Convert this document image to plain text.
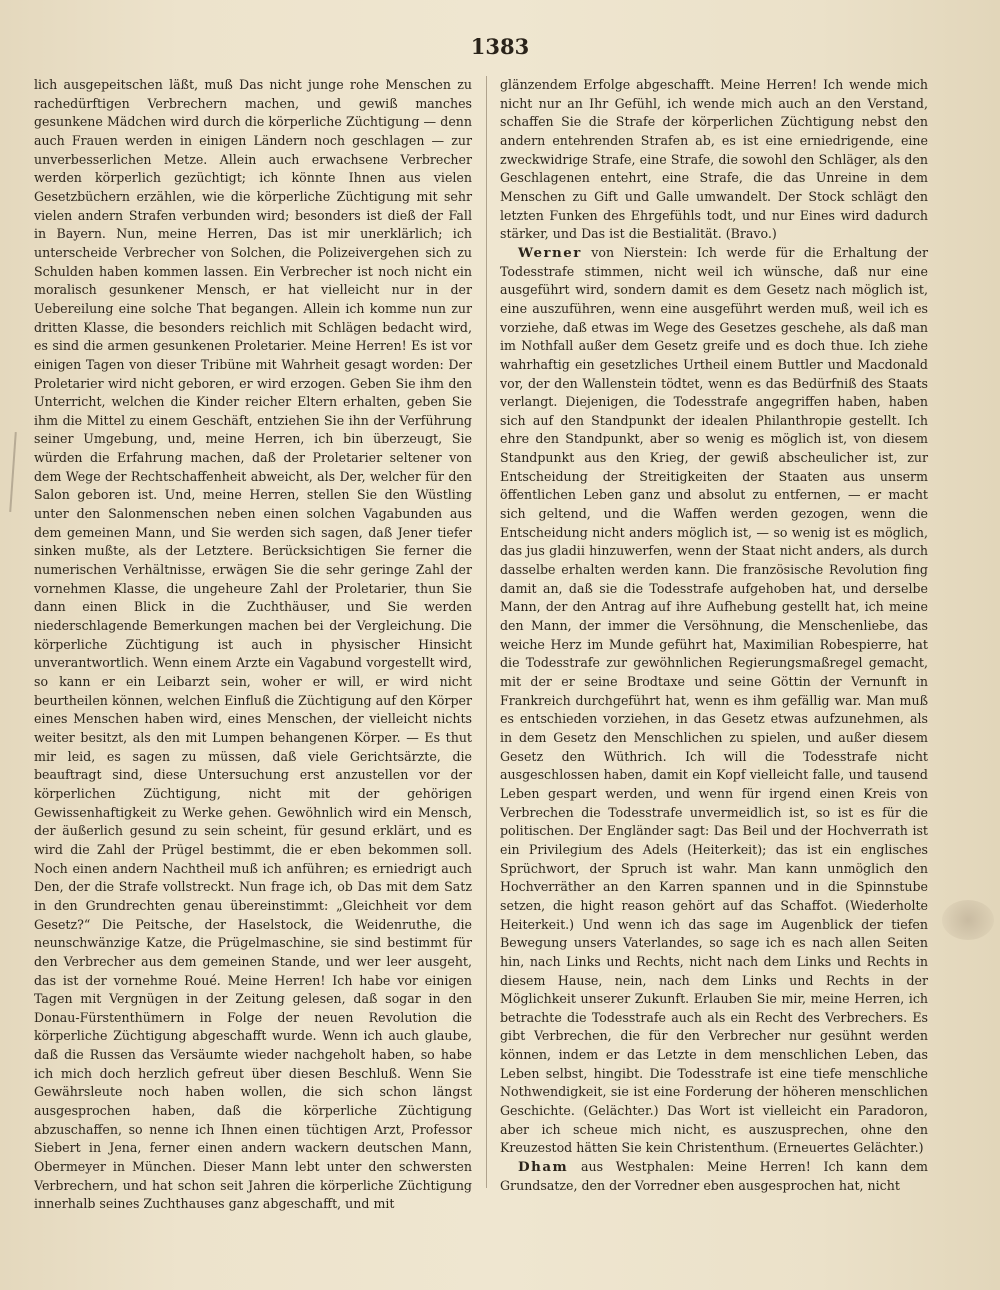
1383

lich ausgepeitschen läßt, muß Das nicht junge rohe Menschen zu rachedürftigen Verbrechern machen, und gewiß manches gesunkene Mädchen wird durch die körperliche Züchtigung — denn auch Frauen werden in einigen Ländern noch geschlagen — zur unverbesserlichen Metze. Allein auch erwachsene Verbrecher werden körperlich gezüchtigt; ich könnte Ihnen aus vielen Gesetzbüchern erzählen, wie die körperliche Züchtigung mit sehr vielen andern Strafen verbunden wird; besonders ist dieß der Fall in Bayern. Nun, meine Herren, Das ist mir unerklärlich; ich unterscheide Verbrecher von Solchen, die Polizeivergehen sich zu Schulden haben kommen lassen. Ein Verbrecher ist noch nicht ein moralisch gesunkener Mensch, er hat vielleicht nur in der Uebereilung eine solche That begangen. Allein ich komme nun zur dritten Klasse, die besonders reichlich mit Schlägen bedacht wird, es sind die armen gesunkenen Proletarier. Meine Herren! Es ist vor einigen Tagen von dieser Tribüne mit Wahrheit gesagt worden: Der Proletarier wird nicht geboren, er wird erzogen. Geben Sie ihm den Unterricht, welchen die Kinder reicher Eltern erhalten, geben Sie ihm die Mittel zu einem Geschäft, entziehen Sie ihn der Verführung seiner Umgebung, und, meine Herren, ich bin überzeugt, Sie würden die Erfahrung machen, daß der Proletarier seltener von dem Wege der Rechtschaffenheit abweicht, als Der, welcher für den Salon geboren ist. Und, meine Herren, stellen Sie den Wüstling unter den Salonmenschen neben einen solchen Vagabunden aus dem gemeinen Mann, und Sie werden sich sagen, daß Jener tiefer sinken mußte, als der Letztere. Berücksichtigen Sie ferner die numerischen Verhältnisse, erwägen Sie die sehr geringe Zahl der vornehmen Klasse, die ungeheure Zahl der Proletarier, thun Sie dann einen Blick in die Zuchthäuser, und Sie werden niederschlagende Bemerkungen machen bei der Vergleichung. Die körperliche Züchtigung ist auch in physischer Hinsicht unverantwortlich. Wenn einem Arzte ein Vagabund vorgestellt wird, so kann er ein Leibarzt sein, woher er will, er wird nicht beurtheilen können, welchen Einfluß die Züchtigung auf den Körper eines Menschen haben wird, eines Menschen, der vielleicht nichts weiter besitzt, als den mit Lumpen behangenen Körper. — Es thut mir leid, es sagen zu müssen, daß viele Gerichtsärzte, die beauftragt sind, diese Untersuchung erst anzustellen vor der körperlichen Züchtigung, nicht mit der gehörigen Gewissenhaftigkeit zu Werke gehen. Gewöhnlich wird ein Mensch, der äußerlich gesund zu sein scheint, für gesund erklärt, und es wird die Zahl der Prügel bestimmt, die er eben bekommen soll. Noch einen andern Nachtheil muß ich anführen; es erniedrigt auch Den, der die Strafe vollstreckt. Nun frage ich, ob Das mit dem Satz in den Grundrechten genau übereinstimmt: „Gleichheit vor dem Gesetz?“ Die Peitsche, der Haselstock, die Weidenruthe, die neunschwänzige Katze, die Prügelmaschine, sie sind bestimmt für den Verbrecher aus dem gemeinen Stande, und wer leer ausgeht, das ist der vornehme Roué. Meine Herren! Ich habe vor einigen Tagen mit Vergnügen in der Zeitung gelesen, daß sogar in den Donau-Fürstenthümern in Folge der neuen Revolution die körperliche Züchtigung abgeschafft wurde. Wenn ich auch glaube, daß die Russen das Versäumte wieder nachgeholt haben, so habe ich mich doch herzlich gefreut über diesen Beschluß. Wenn Sie Gewährsleute noch haben wollen, die sich schon längst ausgesprochen haben, daß die körperliche Züchtigung abzuschaffen, so nenne ich Ihnen einen tüchtigen Arzt, Professor Siebert in Jena, ferner einen andern wackern deutschen Mann, Obermeyer in München. Dieser Mann lebt unter den schwersten Verbrechern, und hat schon seit Jahren die körperliche Züchtigung innerhalb seines Zuchthauses ganz abgeschafft, und mit

glänzendem Erfolge abgeschafft. Meine Herren! Ich wende mich nicht nur an Ihr Gefühl, ich wende mich auch an den Verstand, schaffen Sie die Strafe der körperlichen Züchtigung nebst den andern entehrenden Strafen ab, es ist eine erniedrigende, eine zweckwidrige Strafe, eine Strafe, die sowohl den Schläger, als den Geschlagenen entehrt, eine Strafe, die das Unreine in dem Menschen zu Gift und Galle umwandelt. Der Stock schlägt den letzten Funken des Ehrgefühls todt, und nur Eines wird dadurch stärker, und Das ist die Bestialität. (Bravo.)

Werner von Nierstein: Ich werde für die Erhaltung der Todesstrafe stimmen, nicht weil ich wünsche, daß nur eine ausgeführt wird, sondern damit es dem Gesetz nach möglich ist, eine auszuführen, wenn eine ausgeführt werden muß, weil ich es vorziehe, daß etwas im Wege des Gesetzes geschehe, als daß man im Nothfall außer dem Gesetz greife und es doch thue. Ich ziehe wahrhaftig ein gesetzliches Urtheil einem Buttler und Macdonald vor, der den Wallenstein tödtet, wenn es das Bedürfniß des Staats verlangt. Diejenigen, die Todesstrafe angegriffen haben, haben sich auf den Standpunkt der idealen Philanthropie gestellt. Ich ehre den Standpunkt, aber so wenig es möglich ist, von diesem Standpunkt aus den Krieg, der gewiß abscheulicher ist, zur Entscheidung der Streitigkeiten der Staaten aus unserm öffentlichen Leben ganz und absolut zu entfernen, — er macht sich geltend, und die Waffen werden gezogen, wenn die Entscheidung nicht anders möglich ist, — so wenig ist es möglich, das jus gladii hinzuwerfen, wenn der Staat nicht anders, als durch dasselbe erhalten werden kann. Die französische Revolution fing damit an, daß sie die Todesstrafe aufgehoben hat, und derselbe Mann, der den Antrag auf ihre Aufhebung gestellt hat, ich meine den Mann, der immer die Versöhnung, die Menschenliebe, das weiche Herz im Munde geführt hat, Maximilian Robespierre, hat die Todesstrafe zur gewöhnlichen Regierungsmaßregel gemacht, mit der er seine Brodtaxe und seine Göttin der Vernunft in Frankreich durchgeführt hat, wenn es ihm gefällig war. Man muß es entschieden vorziehen, in das Gesetz etwas aufzunehmen, als in dem Gesetz den Menschlichen zu spielen, und außer diesem Gesetz den Wüthrich. Ich will die Todesstrafe nicht ausgeschlossen haben, damit ein Kopf vielleicht falle, und tausend Leben gespart werden, und wenn für irgend einen Kreis von Verbrechen die Todesstrafe unvermeidlich ist, so ist es für die politischen. Der Engländer sagt: Das Beil und der Hochverrath ist ein Privilegium des Adels (Heiterkeit); das ist ein englisches Sprüchwort, der Spruch ist wahr. Man kann unmöglich den Hochverräther an den Karren spannen und in die Spinnstube setzen, die hight reason gehört auf das Schaffot. (Wiederholte Heiterkeit.) Und wenn ich das sage im Augenblick der tiefen Bewegung unsers Vaterlandes, so sage ich es nach allen Seiten hin, nach Links und Rechts, nicht nach dem Links und Rechts in diesem Hause, nein, nach dem Links und Rechts in der Möglichkeit unserer Zukunft. Erlauben Sie mir, meine Herren, ich betrachte die Todesstrafe auch als ein Recht des Verbrechers. Es gibt Verbrechen, die für den Verbrecher nur gesühnt werden können, indem er das Letzte in dem menschlichen Leben, das Leben selbst, hingibt. Die Todesstrafe ist eine tiefe menschliche Nothwendigkeit, sie ist eine Forderung der höheren menschlichen Geschichte. (Gelächter.) Das Wort ist vielleicht ein Paradoron, aber ich scheue mich nicht, es auszusprechen, ohne den Kreuzestod hätten Sie kein Christenthum. (Erneuertes Gelächter.)

Dham aus Westphalen: Meine Herren! Ich kann dem Grundsatze, den der Vorredner eben ausgesprochen hat, nicht
